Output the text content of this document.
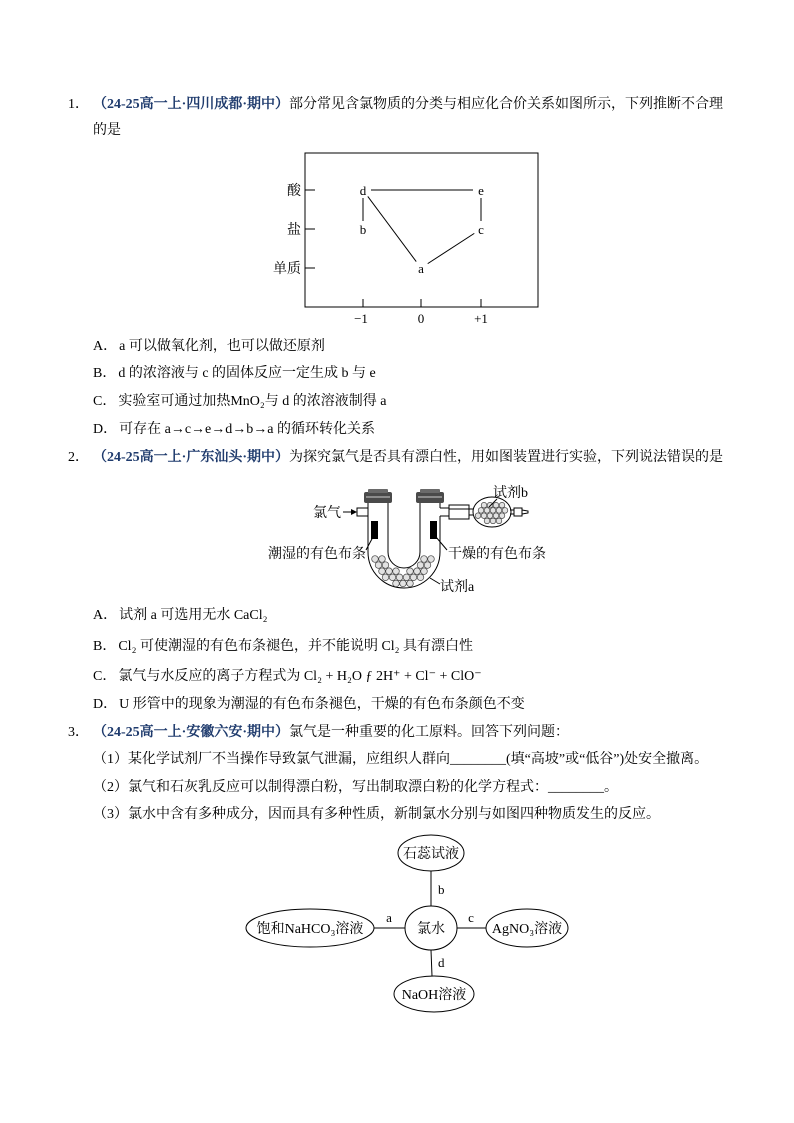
1． （24-25高一上·四川成都·期中）部分常见含氯物质的分类与相应化合价关系如图所示，下列推断不合理
的是
酸
盐
单质
−1	0	+1
d	e
b	c
a
A． a 可以做氧化剂，也可以做还原剂
B． d 的浓溶液与 c 的固体反应一定生成 b 与 e
C． 实验室可通过加热MnO₂与 d 的浓溶液制得 a
D． 可存在 a→c→e→d→b→a 的循环转化关系
2． （24-25高一上·广东汕头·期中）为探究氯气是否具有漂白性，用如图装置进行实验，下列说法错误的是
氯气
试剂b
潮湿的有色布条	干燥的有色布条
试剂a
A． 试剂 a 可选用无水 CaCl₂
B． Cl₂ 可使潮湿的有色布条褪色，并不能说明 Cl₂ 具有漂白性
C． 氯气与水反应的离子方程式为 Cl₂ + H₂O ƒ 2H⁺ + Cl⁻ + ClO⁻
D． U 形管中的现象为潮湿的有色布条褪色，干燥的有色布条颜色不变
3． （24-25高一上·安徽六安·期中）氯气是一种重要的化工原料。回答下列问题：
（1）某化学试剂厂不当操作导致氯气泄漏，应组织人群向________(填“高坡”或“低谷”)处安全撤离。
（2）氯气和石灰乳反应可以制得漂白粉，写出制取漂白粉的化学方程式：________。
（3）氯水中含有多种成分，因而具有多种性质，新制氯水分别与如图四种物质发生的反应。
石蕊试液
b
氯水
饱和NaHCO₃溶液
a
AgNO₃溶液
c
NaOH溶液
d
